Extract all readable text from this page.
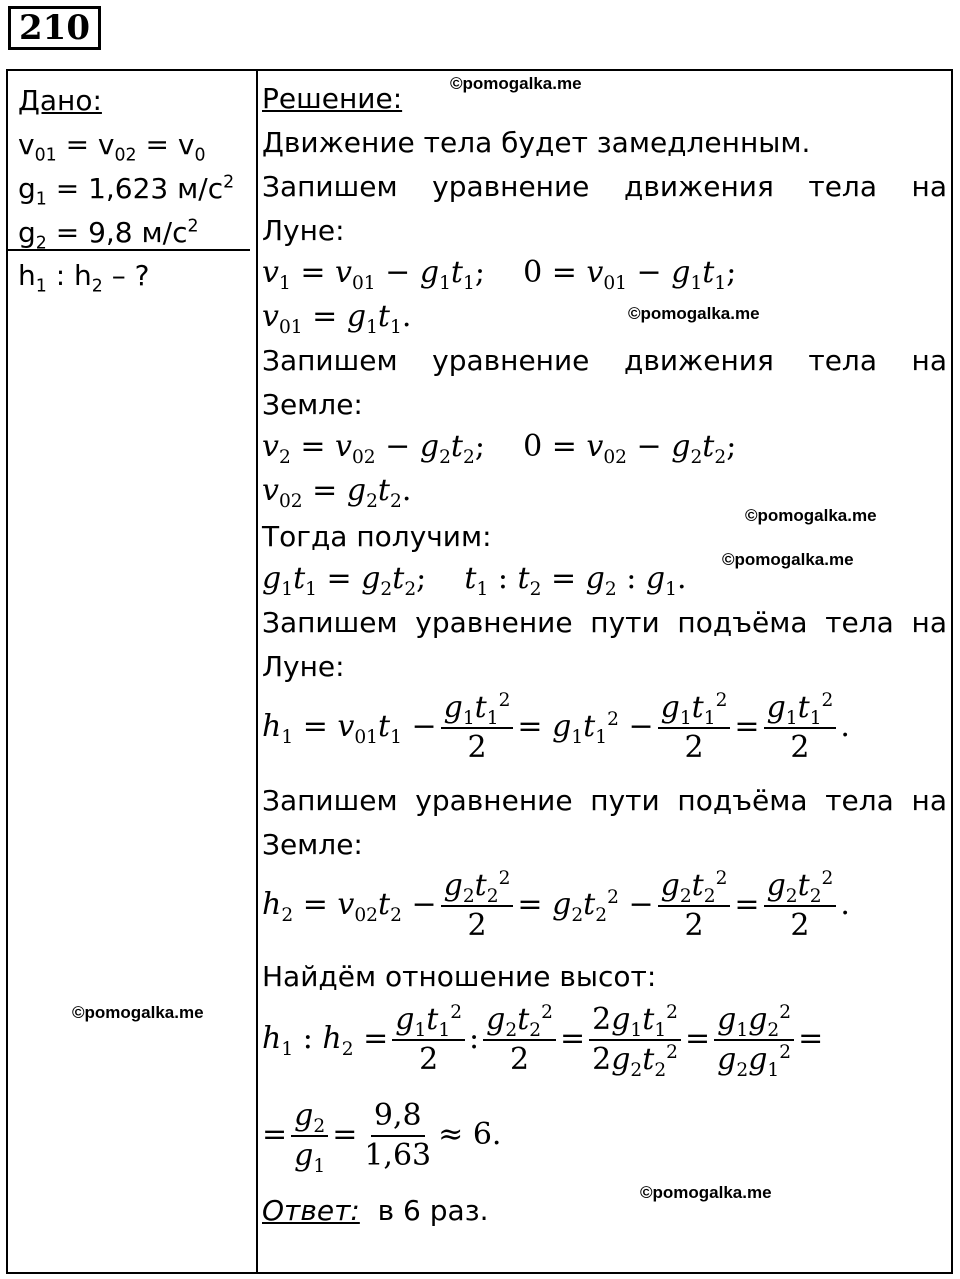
210
Дано:
$v_{01} = v_{02} = v_0$
$g_1 = 1,623$ $м/с^2$
$g_2 = 9,8$ $м/с^2$
$h_1$ : $h_2$ – ?
Решение:
Движение тела будет замедленным.
Запишем уравнение движения тела на
Луне:
$v_1 = v_{01} - g_1t_1$;    $0 = v_{01} - g_1t_1$;
$v_{01} = g_1t_1$.
Запишем уравнение движения тела на
Земле:
$v_2 = v_{02} - g_2t_2$;    $0 = v_{02} - g_2t_2$;
$v_{02} = g_2t_2$.
Тогда получим:
$g_1t_1 = g_2t_2$;    $t_1$ : $t_2 = g_2$ : $g_1$.
Запишем уравнение пути подъёма тела на
Луне:
$h_1 = v_{01}t_1 - \frac{g_1t_1^2}{2} = g_1t_1^2 - \frac{g_1t_1^2}{2} = \frac{g_1t_1^2}{2}$ .
Запишем уравнение пути подъёма тела на
Земле:
$h_2 = v_{02}t_2 - \frac{g_2t_2^2}{2} = g_2t_2^2 - \frac{g_2t_2^2}{2} = \frac{g_2t_2^2}{2}$ .
Найдём отношение высот:
$h_1$ : $h_2 = \frac{g_1t_1^2}{2}$ : $\frac{g_2t_2^2}{2} = \frac{2g_1t_1^2}{2g_2t_2^2} = \frac{g_1g_2^2}{g_2g_1^2}$ =
= $\frac{g_2}{g_1} = \frac{9,8}{1,63} \approx 6$.
Ответ: в 6 раз.
©pomogalka.me
©pomogalka.me
©pomogalka.me
©pomogalka.me
©pomogalka.me
©pomogalka.me
